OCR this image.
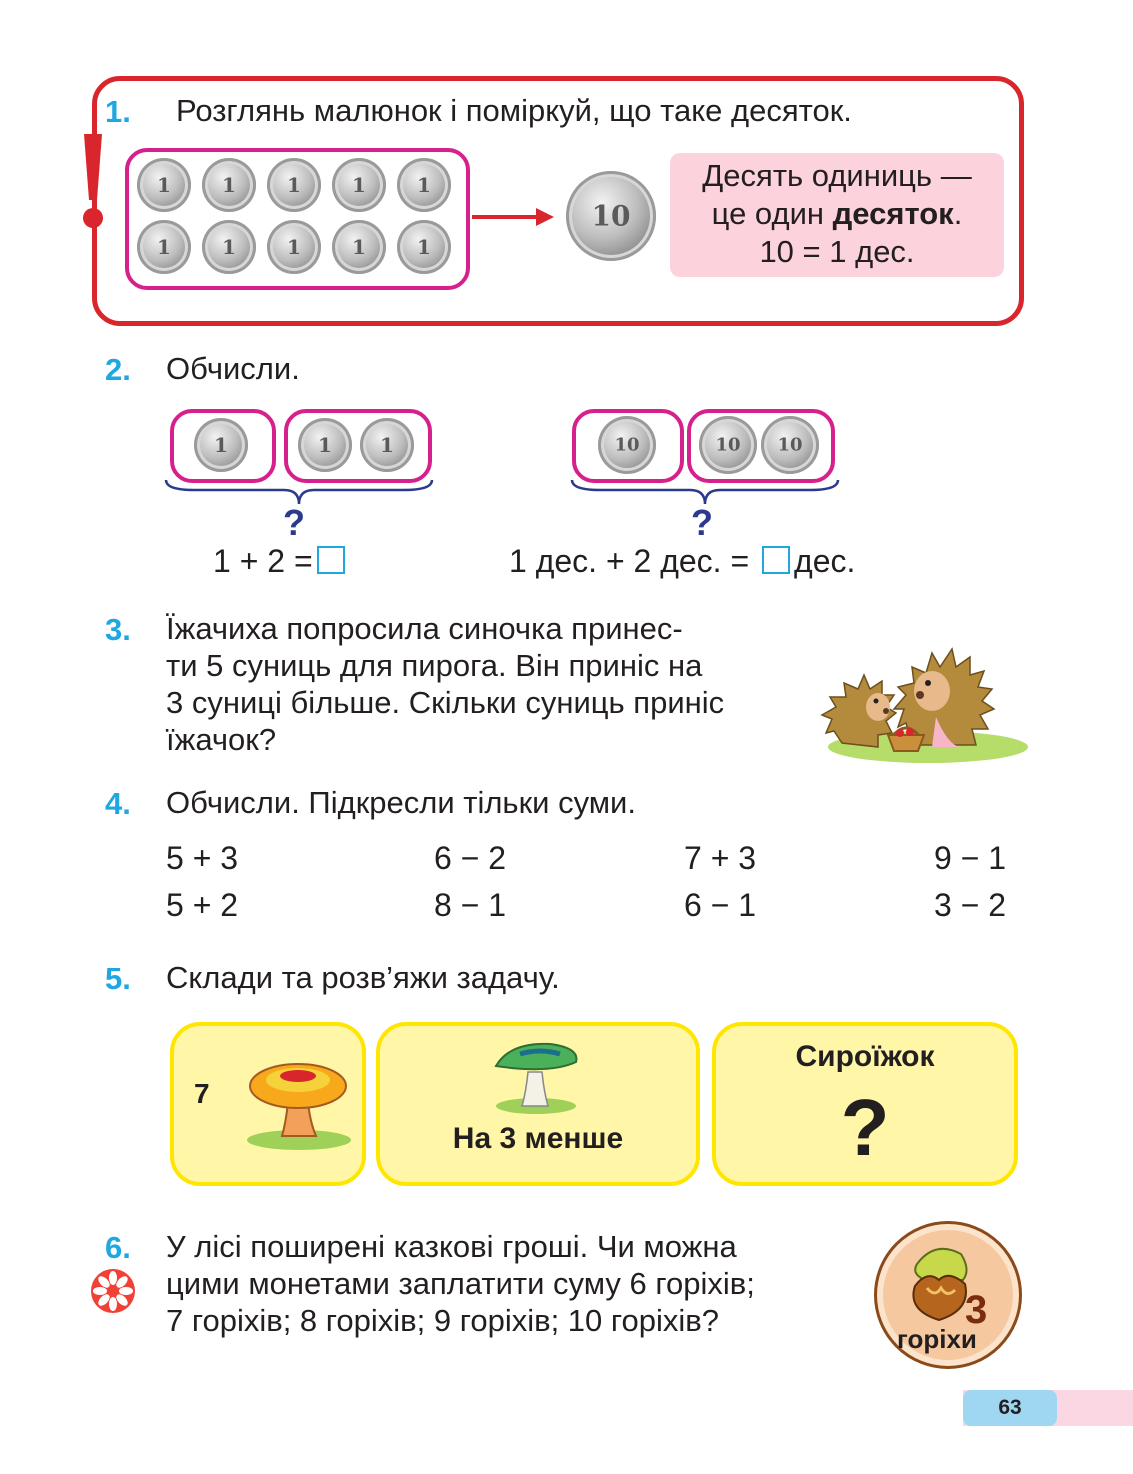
1. Розглянь малюнок і поміркуй, що таке десяток.
1	1	1	1	1
1	1	1	1	1
10
Десять одиниць —
це один десяток.
10 = 1 дес.
2. Обчисли.
1	1	1
?
1 + 2 =
10	10	10
?
1 дес. + 2 дес. = дес.
3. Їжачиха попросила синочка принес-
ти 5 суниць для пирога. Він приніс на
3 суниці більше. Скільки суниць приніс
їжачок?
4. Обчисли. Підкресли тільки суми.
5 + 3	6 − 2	7 + 3	9 − 1
5 + 2	8 − 1	6 − 1	3 − 2
5. Склади та розв’яжи задачу.
7
На 3 менше
Сироїжок
?
6. У лісі поширені казкові гроші. Чи можна
цими монетами заплатити суму 6 горіхів;
7 горіхів; 8 горіхів; 9 горіхів; 10 горіхів?	3
горіхи
63
